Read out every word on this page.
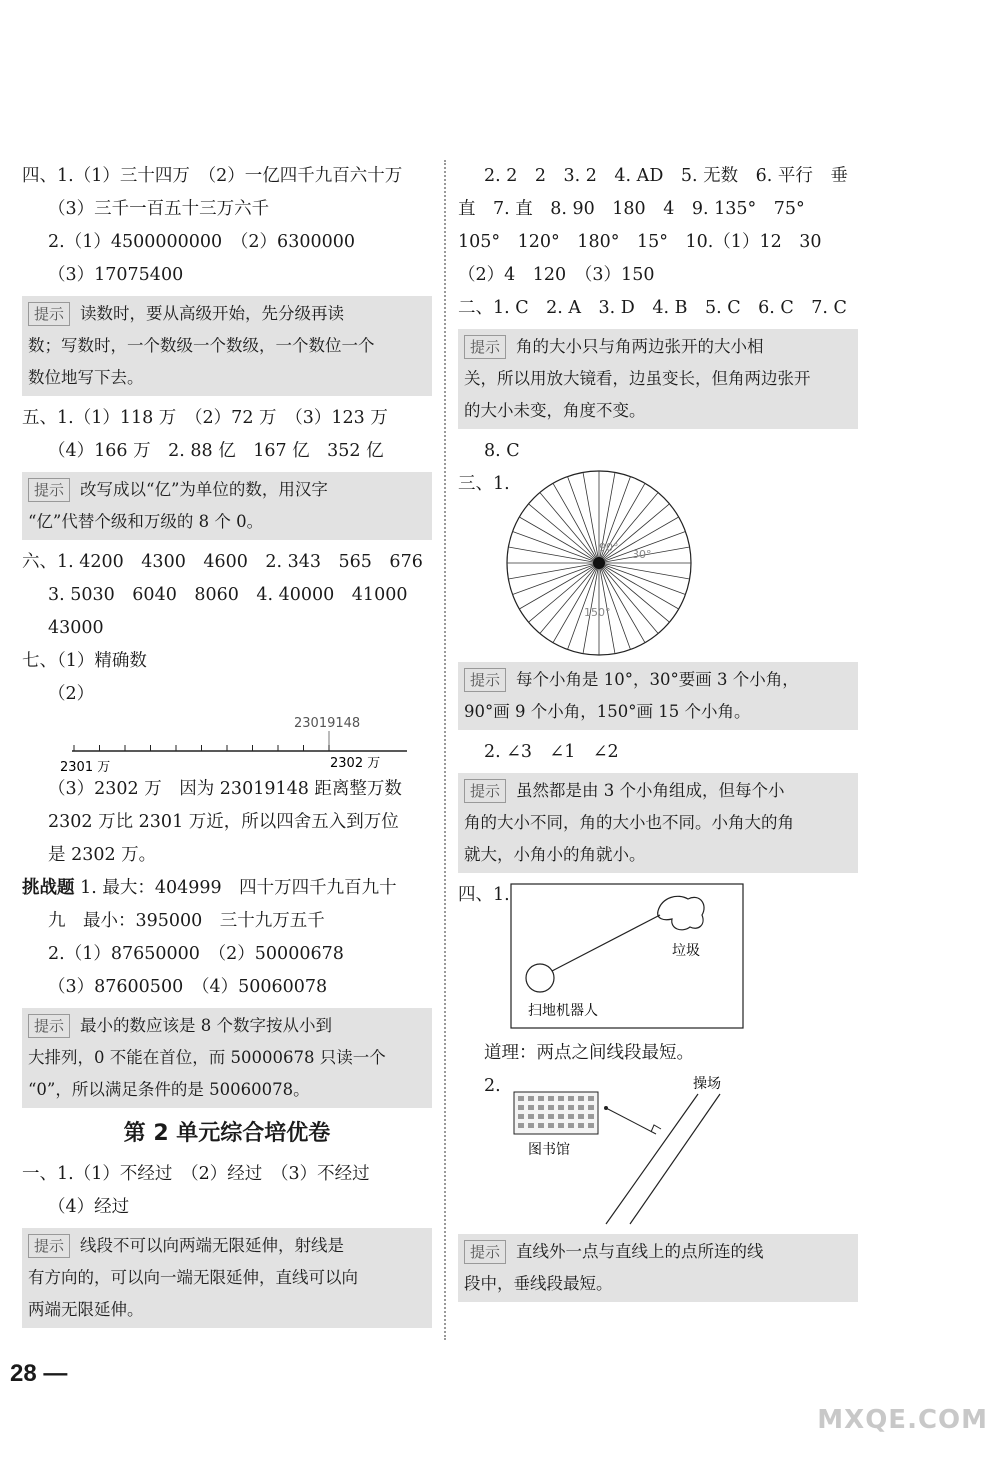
四、1.（1）三十四万　（2）一亿四千九百六十万
（3）三千一百五十三万六千
2.（1）4500000000　（2）6300000
（3）17075400
提示 读数时，要从高级开始，先分级再读
数；写数时，一个数级一个数级，一个数位一个
数位地写下去。
五、1.（1）118 万　（2）72 万　（3）123 万
（4）166 万　2. 88 亿　167 亿　352 亿
提示 改写成以“亿”为单位的数，用汉字
“亿”代替个级和万级的 8 个 0。
六、1. 4200　4300　4600　2. 343　565　676
3. 5030　6040　8060　4. 40000　41000
43000
七、（1）精确数
（2）
23019148
2301 万	2302 万
（3）2302 万　因为 23019148 距离整万数
2302 万比 2301 万近，所以四舍五入到万位
是 2302 万。
挑战题 1. 最大：404999　四十万四千九百九十
九　最小：395000　三十九万五千
2.（1）87650000　（2）50000678
（3）87600500　（4）50060078
提示 最小的数应该是 8 个数字按从小到
大排列，0 不能在首位，而 50000678 只读一个
“0”，所以满足条件的是 50060078。
第 2 单元综合培优卷
一、1.（1）不经过　（2）经过　（3）不经过
（4）经过
提示 线段不可以向两端无限延伸，射线是
有方向的，可以向一端无限延伸，直线可以向
两端无限延伸。
2. 2　2　3. 2　4. AD　5. 无数　6. 平行　垂
直　7. 直　8. 90　180　4　9. 135°　75°
105°　120°　180°　15°　10.（1）12　30
（2）4　120　（3）150
二、1. C　2. A　3. D　4. B　5. C　6. C　7. C
提示 角的大小只与角两边张开的大小相
关，所以用放大镜看，边虽变长，但角两边张开
的大小未变，角度不变。
8. C
三、1.
90°
30°
150°
提示 每个小角是 10°，30°要画 3 个小角，
90°画 9 个小角，150°画 15 个小角。
2. ∠3　∠1　∠2
提示 虽然都是由 3 个小角组成，但每个小
角的大小不同，角的大小也不同。小角大的角
就大，小角小的角就小。
四、1.
垃圾
扫地机器人
道理：两点之间线段最短。
2.	操场
图书馆
提示 直线外一点与直线上的点所连的线
段中，垂线段最短。
28 —
MXQE.COM
